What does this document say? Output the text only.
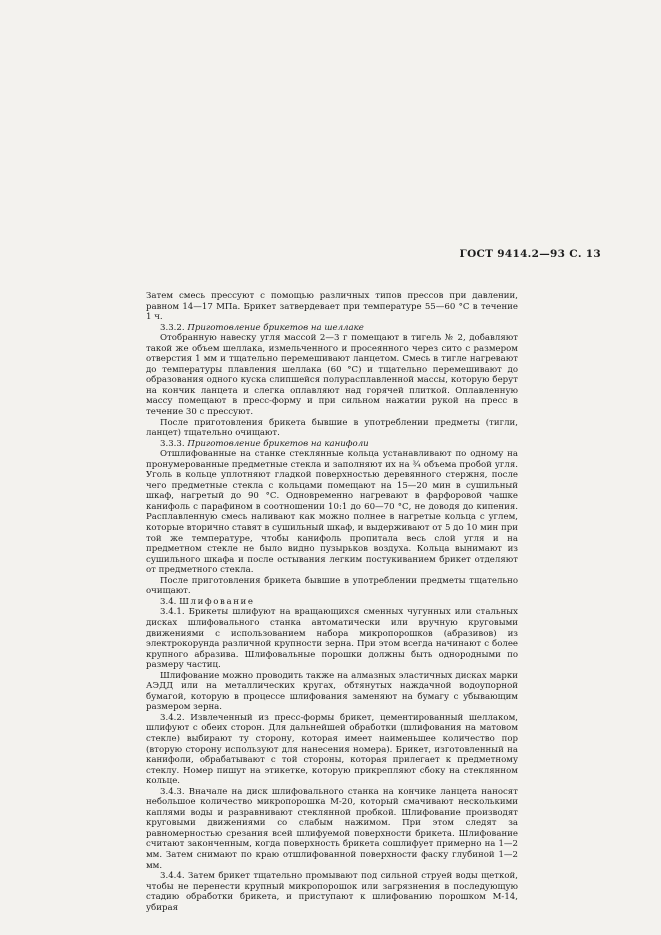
ГОСТ 9414.2—93 С. 13

Затем смесь прессуют с помощью различных типов прессов при давлении, равном 14—17 МПа. Брикет затвердевает при температуре 55—60 °С в течение 1 ч.

3.3.2. Приготовление брикетов на шеллаке

Отобранную навеску угля массой 2—3 г помещают в тигель № 2, добавляют такой же объем шеллака, измельченного и просеянного через сито с размером отверстия 1 мм и тщательно перемешивают ланцетом. Смесь в тигле нагревают до температуры плавления шеллака (60 °С) и тщательно перемешивают до образования одного куска слипшейся полурасплавленной массы, которую берут на кончик ланцета и слегка оплавляют над горячей плиткой. Оплавленную массу помещают в пресс-форму и при сильном нажатии рукой на пресс в течение 30 с прессуют.

После приготовления брикета бывшие в употреблении предметы (тигли, ланцет) тщательно очищают.

3.3.3. Приготовление брикетов на канифоли

Отшлифованные на станке стеклянные кольца устанавливают по одному на пронумерованные предметные стекла и заполняют их на ¾ объема пробой угля. Уголь в кольце уплотняют гладкой поверхностью деревянного стержня, после чего предметные стекла с кольцами помещают на 15—20 мин в сушильный шкаф, нагретый до 90 °С. Одновременно нагревают в фарфоровой чашке канифоль с парафином в соотношении 10:1 до 60—70 °С, не доводя до кипения. Расплавленную смесь наливают как можно полнее в нагретые кольца с углем, которые вторично ставят в сушильный шкаф, и выдерживают от 5 до 10 мин при той же температуре, чтобы канифоль пропитала весь слой угля и на предметном стекле не было видно пузырьков воздуха. Кольца вынимают из сушильного шкафа и после остывания легким постукиванием брикет отделяют от предметного стекла.

После приготовления брикета бывшие в употреблении предметы тщательно очищают.

3.4. Шлифование

3.4.1. Брикеты шлифуют на вращающихся сменных чугунных или стальных дисках шлифовального станка автоматически или вручную круговыми движениями с использованием набора микропорошков (абразивов) из электрокорунда различной крупности зерна. При этом всегда начинают с более крупного абразива. Шлифовальные порошки должны быть однородными по размеру частиц.

Шлифование можно проводить также на алмазных эластичных дисках марки АЭДД или на металлических кругах, обтянутых наждачной водоупорной бумагой, которую в процессе шлифования заменяют на бумагу с убывающим размером зерна.

3.4.2. Извлеченный из пресс-формы брикет, цементированный шеллаком, шлифуют с обеих сторон. Для дальнейшей обработки (шлифования на матовом стекле) выбирают ту сторону, которая имеет наименьшее количество пор (вторую сторону используют для нанесения номера). Брикет, изготовленный на канифоли, обрабатывают с той стороны, которая прилегает к предметному стеклу. Номер пишут на этикетке, которую прикрепляют сбоку на стеклянном кольце.

3.4.3. Вначале на диск шлифовального станка на кончике ланцета наносят небольшое количество микропорошка М-20, который смачивают несколькими каплями воды и разравнивают стеклянной пробкой. Шлифование производят круговыми движениями со слабым нажимом. При этом следят за равномерностью срезания всей шлифуемой поверхности брикета. Шлифование считают законченным, когда поверхность брикета сошлифует примерно на 1—2 мм. Затем снимают по краю отшлифованной поверхности фаску глубиной 1—2 мм.

3.4.4. Затем брикет тщательно промывают под сильной струей воды щеткой, чтобы не перенести крупный микропорошок или загрязнения в последующую стадию обработки брикета, и приступают к шлифованию порошком М-14, убирая
